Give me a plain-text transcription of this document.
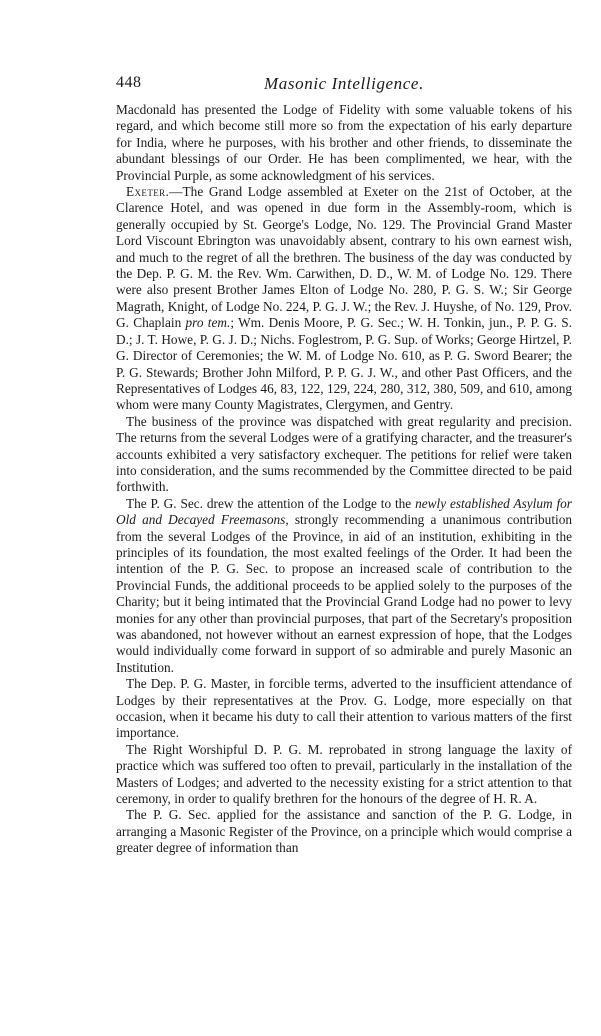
448	Masonic Intelligence.

Macdonald has presented the Lodge of Fidelity with some valuable tokens of his regard, and which become still more so from the expectation of his early departure for India, where he purposes, with his brother and other friends, to disseminate the abundant blessings of our Order. He has been complimented, we hear, with the Provincial Purple, as some acknowledgment of his services.

Exeter.—The Grand Lodge assembled at Exeter on the 21st of October, at the Clarence Hotel, and was opened in due form in the Assembly-room, which is generally occupied by St. George's Lodge, No. 129. The Provincial Grand Master Lord Viscount Ebrington was unavoidably absent, contrary to his own earnest wish, and much to the regret of all the brethren. The business of the day was conducted by the Dep. P. G. M. the Rev. Wm. Carwithen, D. D., W. M. of Lodge No. 129. There were also present Brother James Elton of Lodge No. 280, P. G. S. W.; Sir George Magrath, Knight, of Lodge No. 224, P. G. J. W.; the Rev. J. Huyshe, of No. 129, Prov. G. Chaplain pro tem.; Wm. Denis Moore, P. G. Sec.; W. H. Tonkin, jun., P. P. G. S. D.; J. T. Howe, P. G. J. D.; Nichs. Foglestrom, P. G. Sup. of Works; George Hirtzel, P. G. Director of Ceremonies; the W. M. of Lodge No. 610, as P. G. Sword Bearer; the P. G. Stewards; Brother John Milford, P. P. G. J. W., and other Past Officers, and the Representatives of Lodges 46, 83, 122, 129, 224, 280, 312, 380, 509, and 610, among whom were many County Magistrates, Clergymen, and Gentry.

The business of the province was dispatched with great regularity and precision. The returns from the several Lodges were of a gratifying character, and the treasurer's accounts exhibited a very satisfactory exchequer. The petitions for relief were taken into consideration, and the sums recommended by the Committee directed to be paid forthwith.

The P. G. Sec. drew the attention of the Lodge to the newly established Asylum for Old and Decayed Freemasons, strongly recommending a unanimous contribution from the several Lodges of the Province, in aid of an institution, exhibiting in the principles of its foundation, the most exalted feelings of the Order. It had been the intention of the P. G. Sec. to propose an increased scale of contribution to the Provincial Funds, the additional proceeds to be applied solely to the purposes of the Charity; but it being intimated that the Provincial Grand Lodge had no power to levy monies for any other than provincial purposes, that part of the Secretary's proposition was abandoned, not however without an earnest expression of hope, that the Lodges would individually come forward in support of so admirable and purely Masonic an Institution.

The Dep. P. G. Master, in forcible terms, adverted to the insufficient attendance of Lodges by their representatives at the Prov. G. Lodge, more especially on that occasion, when it became his duty to call their attention to various matters of the first importance.

The Right Worshipful D. P. G. M. reprobated in strong language the laxity of practice which was suffered too often to prevail, particularly in the installation of the Masters of Lodges; and adverted to the necessity existing for a strict attention to that ceremony, in order to qualify brethren for the honours of the degree of H. R. A.

The P. G. Sec. applied for the assistance and sanction of the P. G. Lodge, in arranging a Masonic Register of the Province, on a principle which would comprise a greater degree of information than
